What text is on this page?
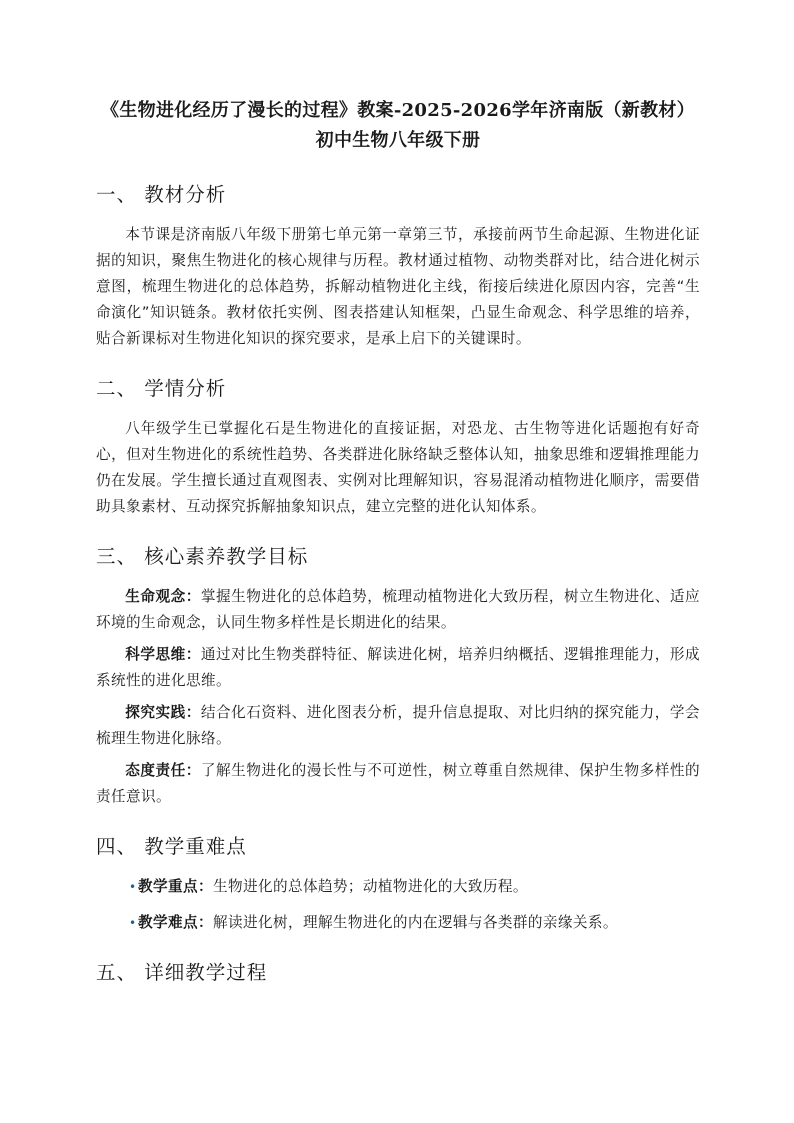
《生物进化经历了漫长的过程》教案-2025-2026学年济南版（新教材）初中生物八年级下册
一、 教材分析

本节课是济南版八年级下册第七单元第一章第三节，承接前两节生命起源、生物进化证据的知识，聚焦生物进化的核心规律与历程。教材通过植物、动物类群对比，结合进化树示意图，梳理生物进化的总体趋势，拆解动植物进化主线，衔接后续进化原因内容，完善“生命演化”知识链条。教材依托实例、图表搭建认知框架，凸显生命观念、科学思维的培养，贴合新课标对生物进化知识的探究要求，是承上启下的关键课时。

二、 学情分析

八年级学生已掌握化石是生物进化的直接证据，对恐龙、古生物等进化话题抱有好奇心，但对生物进化的系统性趋势、各类群进化脉络缺乏整体认知，抽象思维和逻辑推理能力仍在发展。学生擅长通过直观图表、实例对比理解知识，容易混淆动植物进化顺序，需要借助具象素材、互动探究拆解抽象知识点，建立完整的进化认知体系。

三、 核心素养教学目标

生命观念：掌握生物进化的总体趋势，梳理动植物进化大致历程，树立生物进化、适应环境的生命观念，认同生物多样性是长期进化的结果。

科学思维：通过对比生物类群特征、解读进化树，培养归纳概括、逻辑推理能力，形成系统性的进化思维。

探究实践：结合化石资料、进化图表分析，提升信息提取、对比归纳的探究能力，学会梳理生物进化脉络。

态度责任：了解生物进化的漫长性与不可逆性，树立尊重自然规律、保护生物多样性的责任意识。

四、 教学重难点
• 教学重点：生物进化的总体趋势；动植物进化的大致历程。
• 教学难点：解读进化树，理解生物进化的内在逻辑与各类群的亲缘关系。
五、 详细教学过程
